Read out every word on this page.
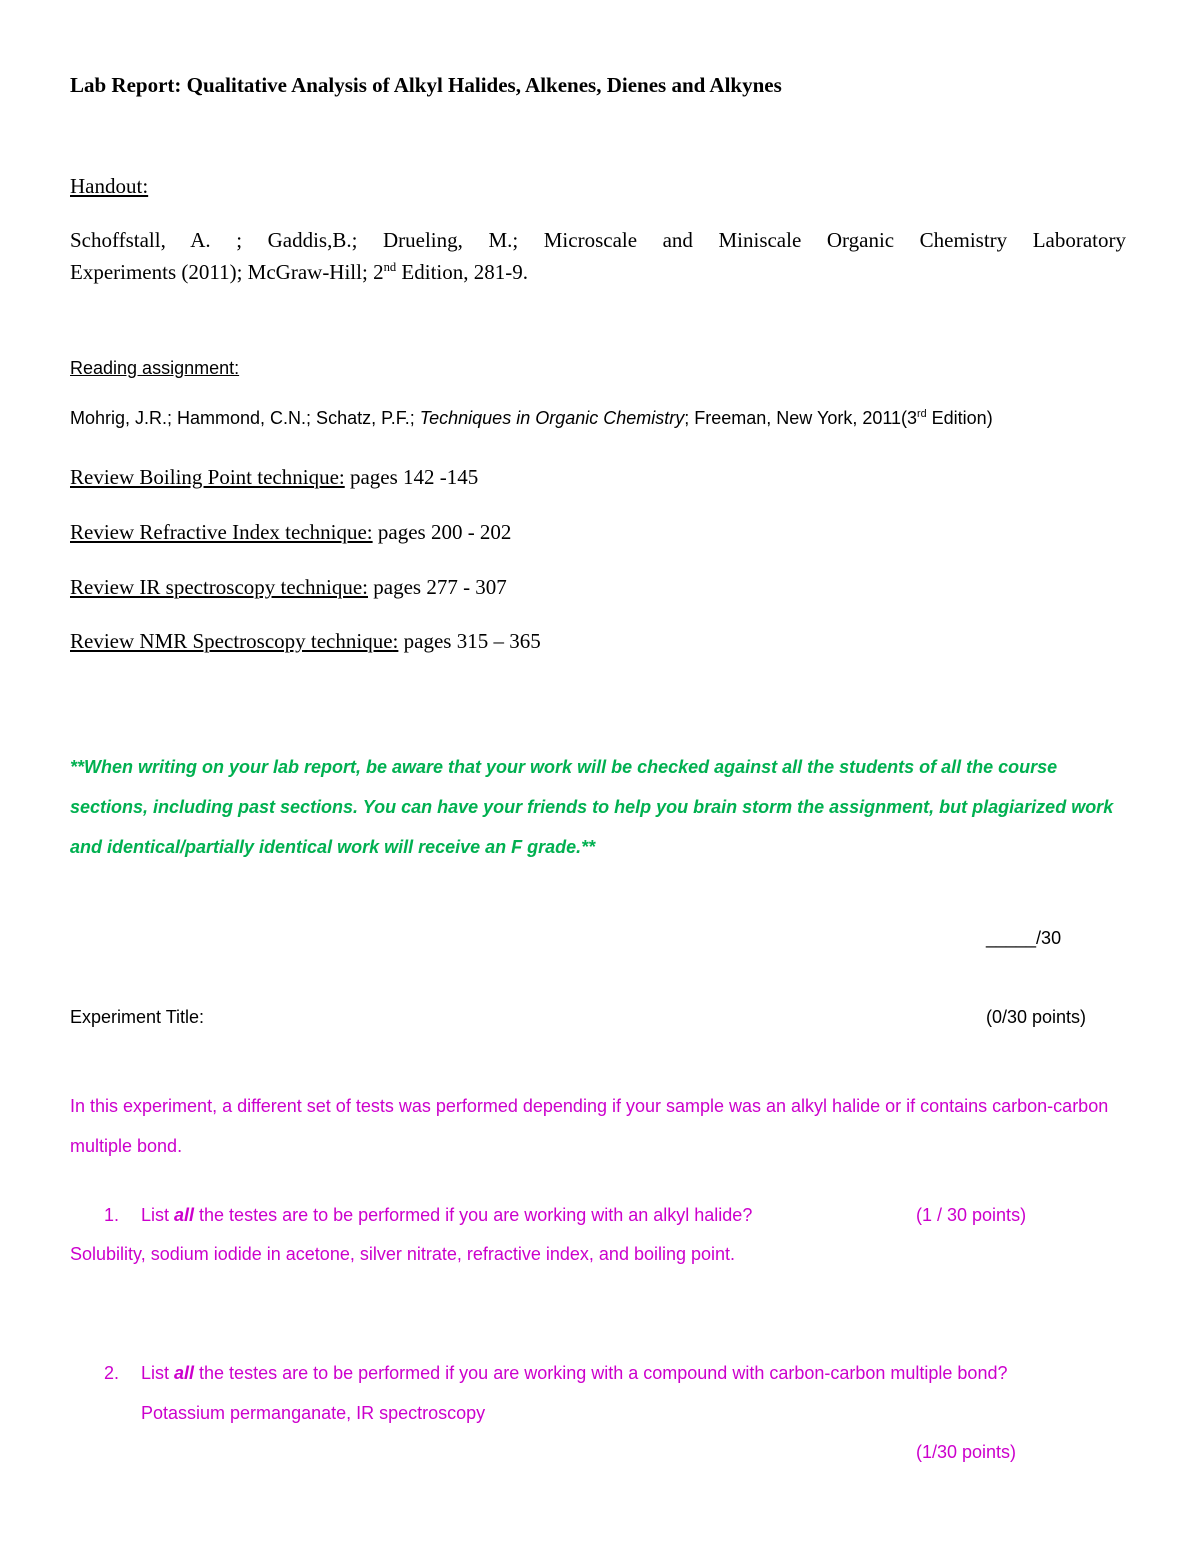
Lab Report: Qualitative Analysis of Alkyl Halides, Alkenes, Dienes and Alkynes
Handout:
Schoffstall, A. ; Gaddis,B.; Drueling, M.; Microscale and Miniscale Organic Chemistry Laboratory
Experiments (2011); McGraw-Hill; 2nd Edition, 281-9.
Reading assignment:
Mohrig, J.R.; Hammond, C.N.; Schatz, P.F.; Techniques in Organic Chemistry; Freeman, New York, 2011(3rd Edition)
Review Boiling Point technique: pages 142 -145
Review Refractive Index technique: pages 200 - 202
Review IR spectroscopy technique: pages 277 - 307
Review NMR Spectroscopy technique: pages 315 – 365
**When writing on your lab report, be aware that your work will be checked against all the students of all the course sections, including past sections. You can have your friends to help you brain storm the assignment, but plagiarized work and identical/partially identical work will receive an F grade.**
_____/30
Experiment Title:	(0/30 points)
In this experiment, a different set of tests was performed depending if your sample was an alkyl halide or if contains carbon-carbon multiple bond.
1. List all the testes are to be performed if you are working with an alkyl halide?	(1 / 30 points)
Solubility, sodium iodide in acetone, silver nitrate, refractive index, and boiling point.
2. List all the testes are to be performed if you are working with a compound with carbon-carbon multiple bond?
Potassium permanganate, IR spectroscopy
(1/30 points)
